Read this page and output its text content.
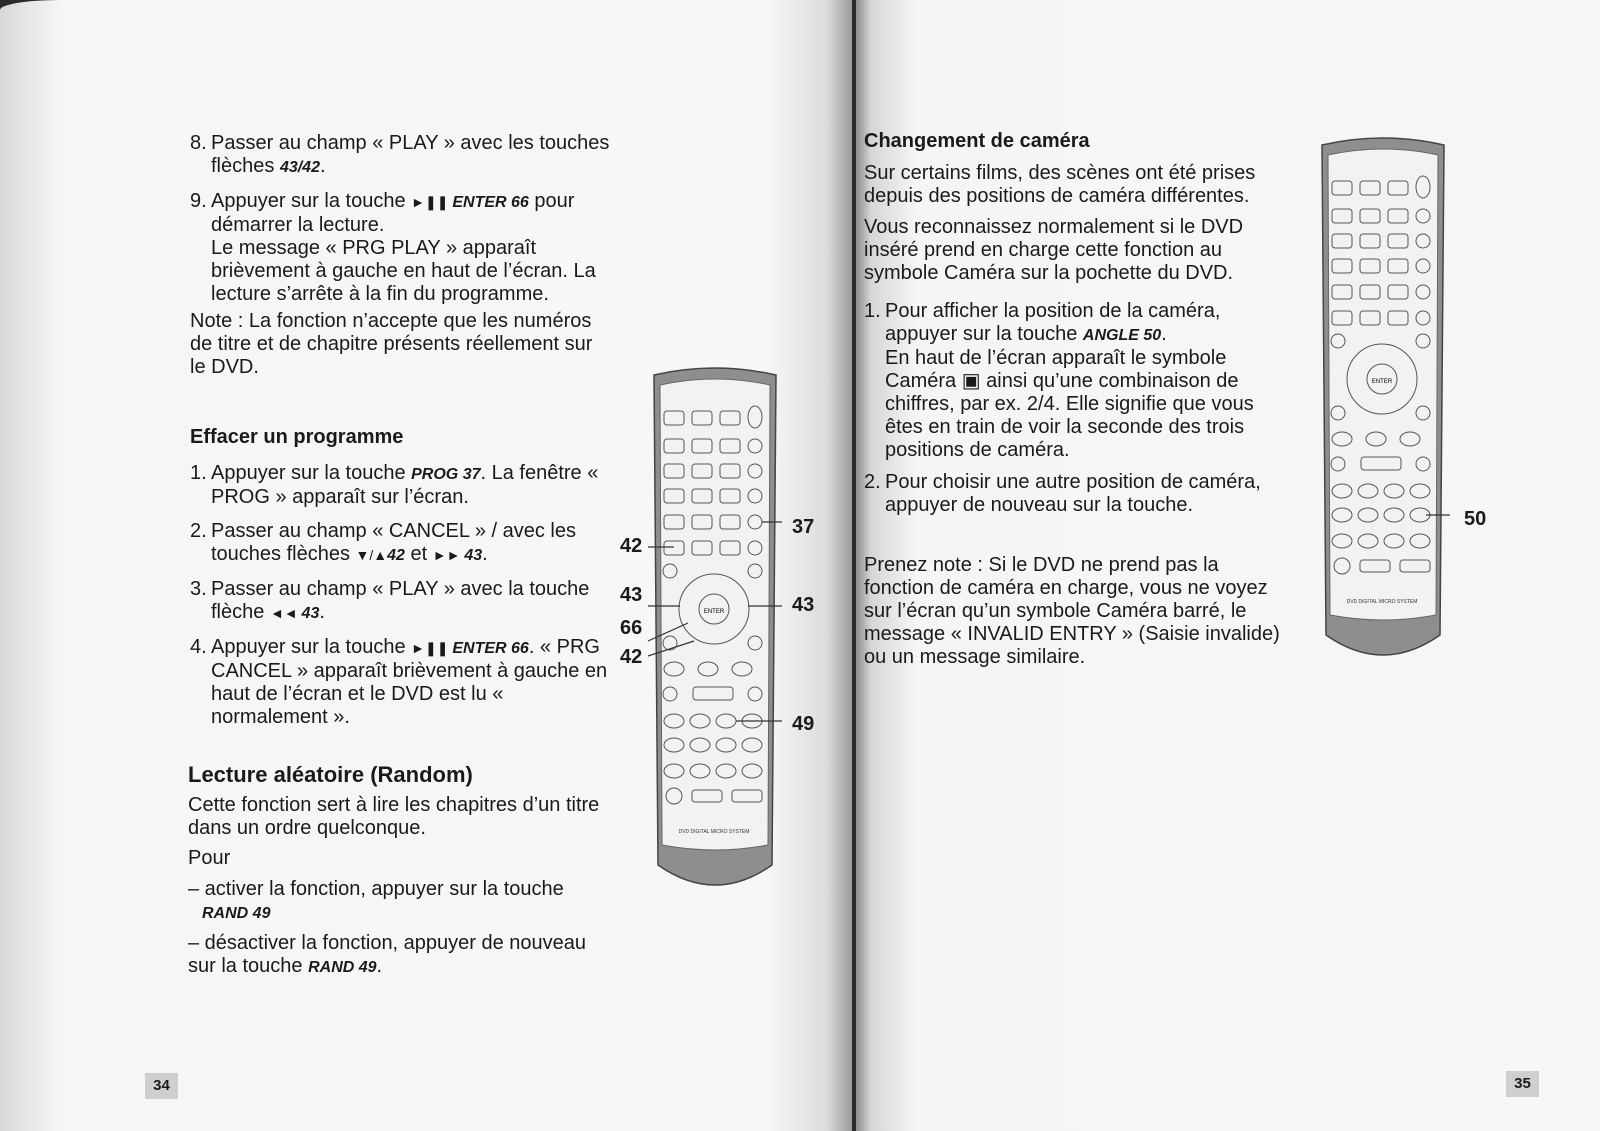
8. Passer au champ « PLAY » avec les touches flèches 43/42.
9. Appuyer sur la touche ►❚❚ ENTER 66 pour démarrer la lecture.
Le message « PRG PLAY » apparaît brièvement à gauche en haut de l’écran. La lecture s’arrête à la fin du programme.
Note : La fonction n’accepte que les numéros de titre et de chapitre présents réellement sur le DVD.
Effacer un programme
1. Appuyer sur la touche PROG 37. La fenêtre « PROG » apparaît sur l’écran.
2. Passer au champ « CANCEL » / avec les touches flèches ▼/▲42 et ►► 43.
3. Passer au champ « PLAY » avec la touche flèche ◄◄ 43.
4. Appuyer sur la touche ►❚❚ ENTER 66. « PRG CANCEL » apparaît brièvement à gauche en haut de l’écran et le DVD est lu « normalement ».
Lecture aléatoire (Random)
Cette fonction sert à lire les chapitres d’un titre dans un ordre quelconque.
Pour
– activer la fonction, appuyer sur la touche
RAND 49
– désactiver la fonction, appuyer de nouveau sur la touche RAND 49.
ENTER
DVD DIGITAL MICRO SYSTEM
42
43
66
42
37
43
49
34
Changement de caméra
Sur certains films, des scènes ont été prises depuis des positions de caméra différentes.
Vous reconnaissez normalement si le DVD inséré prend en charge cette fonction au symbole Caméra sur la pochette du DVD.
1. Pour afficher la position de la caméra, appuyer sur la touche ANGLE 50.
En haut de l’écran apparaît le symbole Caméra ▣ ainsi qu’une combinaison de chiffres, par ex. 2/4. Elle signifie que vous êtes en train de voir la seconde des trois positions de caméra.
2. Pour choisir une autre position de caméra, appuyer de nouveau sur la touche.
Prenez note : Si le DVD ne prend pas la fonction de caméra en charge, vous ne voyez sur l’écran qu’un symbole Caméra barré, le message « INVALID ENTRY » (Saisie invalide) ou un message similaire.
ENTER
DVD DIGITAL MICRO SYSTEM
50
35
